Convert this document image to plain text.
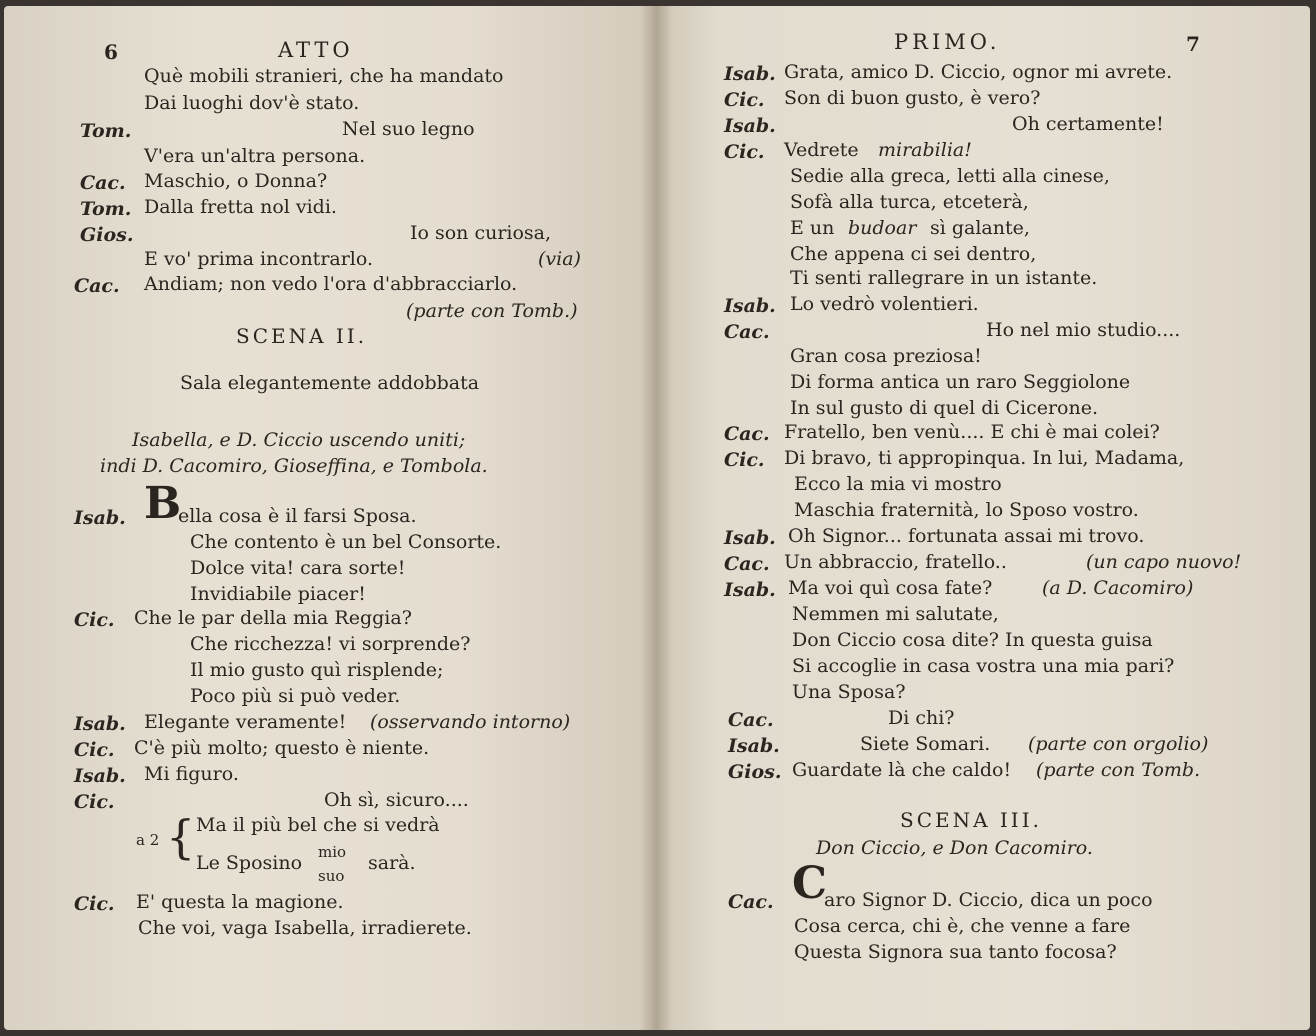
6	ATTO
Què mobili stranieri, che ha mandato
Dai luoghi dov'è stato.
Tom.	Nel suo legno
V'era un'altra persona.
Cac. Maschio, o Donna?
Tom. Dalla fretta nol vidi.
Gios.	Io son curiosa,
E vo' prima incontrarlo.	(via)
Cac. Andiam; non vedo l'ora d'abbracciarlo.
(parte con Tomb.)
SCENA II.
Sala elegantemente addobbata
Isabella, e D. Ciccio uscendo uniti;
indi D. Cacomiro, Gioseffina, e Tombola.
Isab. B
ella cosa è il farsi Sposa.
Che contento è un bel Consorte.
Dolce vita! cara sorte!
Invidiabile piacer!
Cic. Che le par della mia Reggia?
Che ricchezza! vi sorprende?
Il mio gusto quì risplende;
Poco più si può veder.
Isab. Elegante veramente! (osservando intorno)
Cic. C'è più molto; questo è niente.
Isab. Mi figuro.
Cic.	Oh sì, sicuro....
a 2 { Ma il più bel che si vedrà
Le Sposino mio
suo
sarà.
Cic. E' questa la magione.
Che voi, vaga Isabella, irradierete.
PRIMO.	7
Isab. Grata, amico D. Ciccio, ognor mi avrete.
Cic. Son di buon gusto, è vero?
Isab.	Oh certamente!
Cic. Vedrete mirabilia!
Sedie alla greca, letti alla cinese,
Sofà alla turca, etceterà,
E un budoar sì galante,
Che appena ci sei dentro,
Ti senti rallegrare in un istante.
Isab. Lo vedrò volentieri.
Cac.	Ho nel mio studio....
Gran cosa preziosa!
Di forma antica un raro Seggiolone
In sul gusto di quel di Cicerone.
Cac. Fratello, ben venù.... E chi è mai colei?
Cic. Di bravo, ti appropinqua. In lui, Madama,
Ecco la mia vi mostro
Maschia fraternità, lo Sposo vostro.
Isab. Oh Signor... fortunata assai mi trovo.
Cac. Un abbraccio, fratello..	(un capo nuovo!
Isab. Ma voi quì cosa fate?	(a D. Cacomiro)
Nemmen mi salutate,
Don Ciccio cosa dite? In questa guisa
Si accoglie in casa vostra una mia pari?
Una Sposa?
Cac.	Di chi?
Isab.	Siete Somari. (parte con orgolio)
Gios. Guardate là che caldo! (parte con Tomb.
SCENA III.
Don Ciccio, e Don Cacomiro.
Cac. C
aro Signor D. Ciccio, dica un poco
Cosa cerca, chi è, che venne a fare
Questa Signora sua tanto focosa?
